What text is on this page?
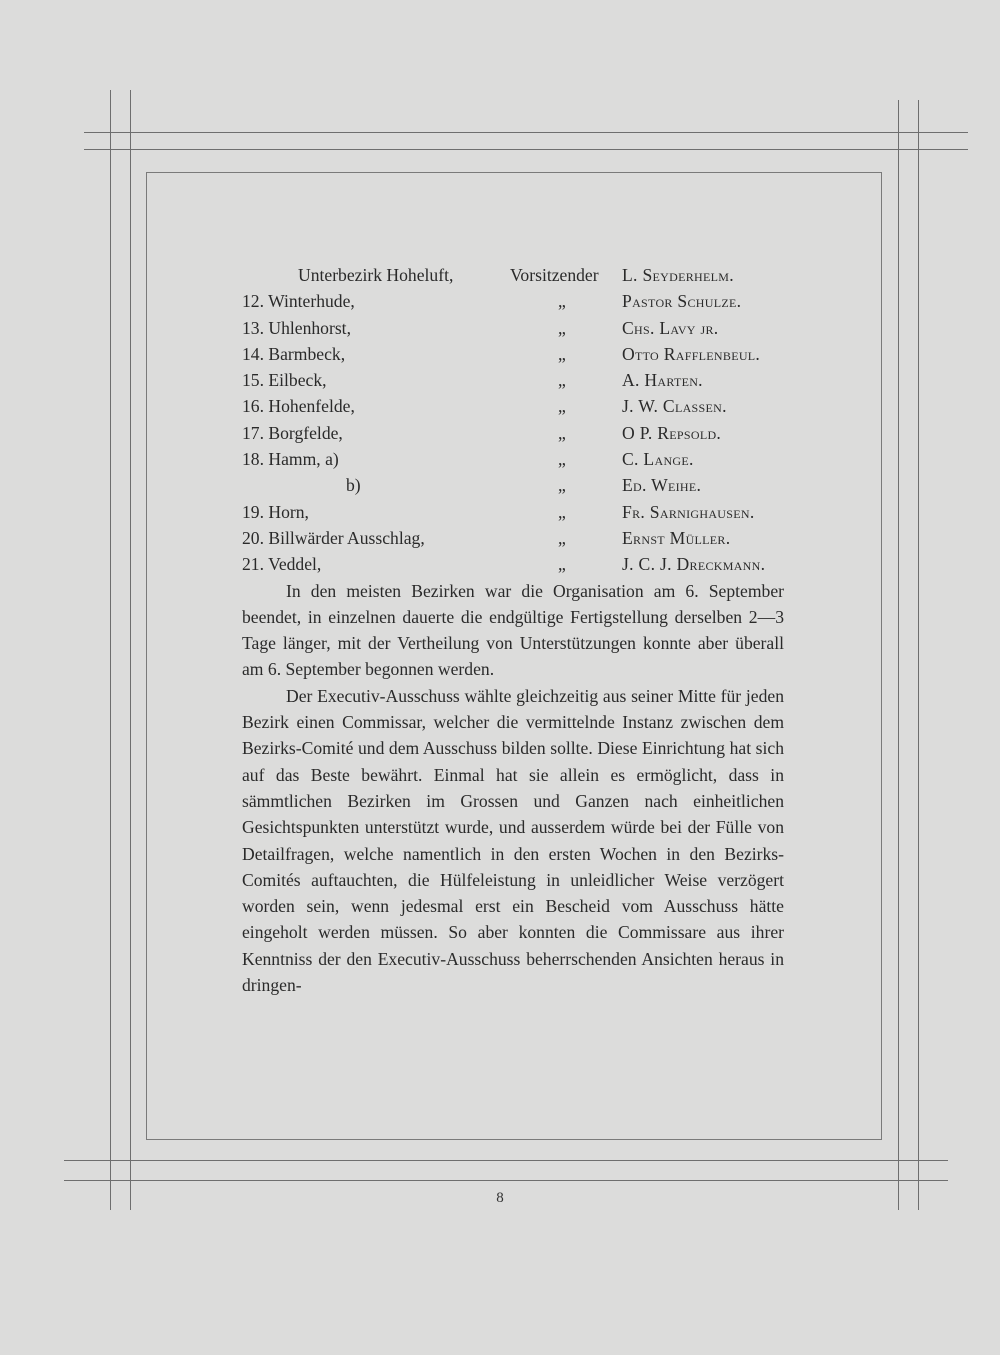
Unterbezirk Hoheluft,	Vorsitzender L. Seyderhelm.
12. Winterhude,	„	Pastor Schulze.
13. Uhlenhorst,	„	Chs. Lavy jr.
14. Barmbeck,	„	Otto Rafflenbeul.
15. Eilbeck,	„	A. Harten.
16. Hohenfelde,	„	J. W. Classen.
17. Borgfelde,	„	O P. Repsold.
18. Hamm, a)	„	C. Lange.
b)	„	Ed. Weihe.
19. Horn,	„	Fr. Sarnighausen.
20. Billwärder Ausschlag,	„	Ernst Müller.
21. Veddel,	„	J. C. J. Dreckmann.

In den meisten Bezirken war die Organisation am 6. September beendet, in einzelnen dauerte die endgültige Fertigstellung derselben 2—3 Tage länger, mit der Vertheilung von Unterstützungen konnte aber überall am 6. September begonnen werden.

Der Executiv-Ausschuss wählte gleichzeitig aus seiner Mitte für jeden Bezirk einen Commissar, welcher die vermittelnde Instanz zwischen dem Bezirks-Comité und dem Ausschuss bilden sollte. Diese Einrichtung hat sich auf das Beste bewährt. Einmal hat sie allein es ermöglicht, dass in sämmtlichen Bezirken im Grossen und Ganzen nach einheitlichen Gesichtspunkten unterstützt wurde, und ausserdem würde bei der Fülle von Detailfragen, welche namentlich in den ersten Wochen in den Bezirks-Comités auftauchten, die Hülfeleistung in unleidlicher Weise verzögert worden sein, wenn jedesmal erst ein Bescheid vom Ausschuss hätte eingeholt werden müssen. So aber konnten die Commissare aus ihrer Kenntniss der den Executiv-Ausschuss beherrschenden Ansichten heraus in dringen-

8
